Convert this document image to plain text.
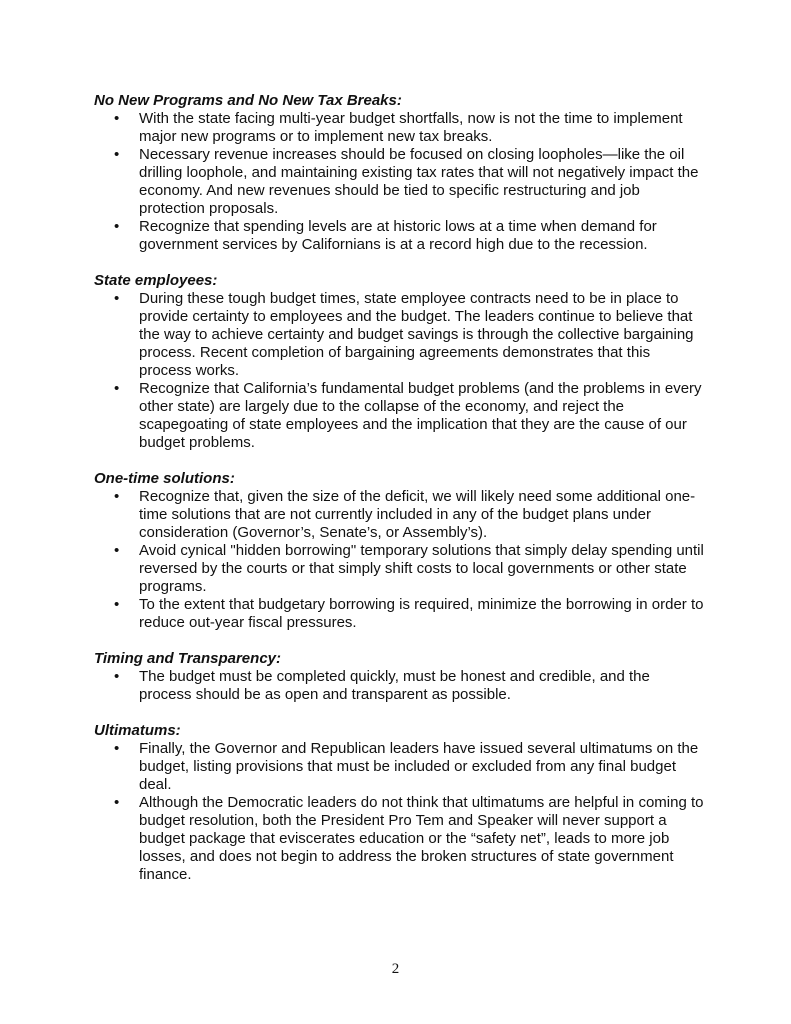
No New Programs and No New Tax Breaks:

• With the state facing multi-year budget shortfalls, now is not the time to implement major new programs or to implement new tax breaks.
• Necessary revenue increases should be focused on closing loopholes—like the oil drilling loophole, and maintaining existing tax rates that will not negatively impact the economy. And new revenues should be tied to specific restructuring and job protection proposals.
• Recognize that spending levels are at historic lows at a time when demand for government services by Californians is at a record high due to the recession.

State employees:

• During these tough budget times, state employee contracts need to be in place to provide certainty to employees and the budget. The leaders continue to believe that the way to achieve certainty and budget savings is through the collective bargaining process. Recent completion of bargaining agreements demonstrates that this process works.
• Recognize that California’s fundamental budget problems (and the problems in every other state) are largely due to the collapse of the economy, and reject the scapegoating of state employees and the implication that they are the cause of our budget problems.

One-time solutions:

• Recognize that, given the size of the deficit, we will likely need some additional one-time solutions that are not currently included in any of the budget plans under consideration (Governor’s, Senate’s, or Assembly’s).
• Avoid cynical "hidden borrowing" temporary solutions that simply delay spending until reversed by the courts or that simply shift costs to local governments or other state programs.
• To the extent that budgetary borrowing is required, minimize the borrowing in order to reduce out-year fiscal pressures.

Timing and Transparency:

• The budget must be completed quickly, must be honest and credible, and the process should be as open and transparent as possible.

Ultimatums:

• Finally, the Governor and Republican leaders have issued several ultimatums on the budget, listing provisions that must be included or excluded from any final budget deal.
• Although the Democratic leaders do not think that ultimatums are helpful in coming to budget resolution, both the President Pro Tem and Speaker will never support a budget package that eviscerates education or the “safety net”, leads to more job losses, and does not begin to address the broken structures of state government finance.
2
